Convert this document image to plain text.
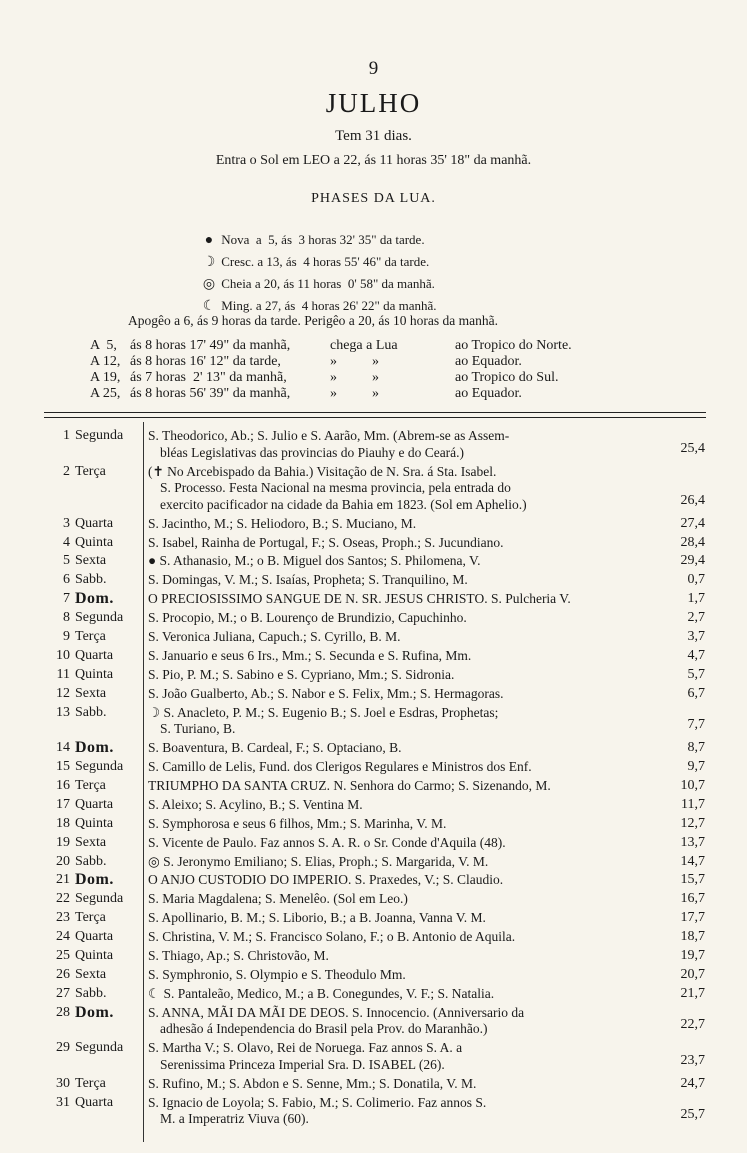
9
JULHO
Tem 31 dias.
Entra o Sol em LEO a 22, ás 11 horas 35' 18" da manhã.
PHASES DA LUA.
● Nova  a  5, ás  3 horas 32' 35" da tarde.
☽ Cresc. a 13, ás  4 horas 55' 46" da tarde.
◎ Cheia a 20, ás 11 horas  0' 58" da manhã.
☾ Ming. a 27, ás  4 horas 26' 22" da manhã.
Apogêo a 6, ás 9 horas da tarde. Perigêo a 20, ás 10 horas da manhã.
A  5, ás 8 horas 17' 49" da manhã,	chega a Lua	ao Tropico do Norte.
A 12, ás 8 horas 16' 12" da tarde,	»          »	ao Equador.
A 19, ás 7 horas  2' 13" da manhã,	»          »	ao Tropico do Sul.
A 25, ás 8 horas 56' 39" da manhã,	»          »	ao Equador.
1 Segunda S. Theodorico, Ab.; S. Julio e S. Aarão, Mm. (Abrem-se as Assem-
bléas Legislativas das provincias do Piauhy e do Ceará.)	25,4
2 Terça	(✝ No Arcebispado da Bahia.) Visitação de N. Sra. á Sta. Isabel.
S. Processo. Festa Nacional na mesma provincia, pela entrada do
exercito pacificador na cidade da Bahia em 1823. (Sol em Aphelio.)	26,4
3 Quarta	S. Jacintho, M.; S. Heliodoro, B.; S. Muciano, M.	27,4
4 Quinta	S. Isabel, Rainha de Portugal, F.; S. Oseas, Proph.; S. Jucundiano.	28,4
5 Sexta	● S. Athanasio, M.; o B. Miguel dos Santos; S. Philomena, V.	29,4
6 Sabb.	S. Domingas, V. M.; S. Isaías, Propheta; S. Tranquilino, M.	0,7
7 Dom.	O PRECIOSISSIMO SANGUE DE N. SR. JESUS CHRISTO. S. Pulcheria V.	1,7
8 Segunda S. Procopio, M.; o B. Lourenço de Brundizio, Capuchinho.	2,7
9 Terça	S. Veronica Juliana, Capuch.; S. Cyrillo, B. M.	3,7
10 Quarta	S. Januario e seus 6 Irs., Mm.; S. Secunda e S. Rufina, Mm.	4,7
11 Quinta	S. Pio, P. M.; S. Sabino e S. Cypriano, Mm.; S. Sidronia.	5,7
12 Sexta	S. João Gualberto, Ab.; S. Nabor e S. Felix, Mm.; S. Hermagoras.	6,7
13 Sabb.	☽ S. Anacleto, P. M.; S. Eugenio B.; S. Joel e Esdras, Prophetas;
S. Turiano, B.	7,7
14 Dom.	S. Boaventura, B. Cardeal, F.; S. Optaciano, B.	8,7
15 Segunda S. Camillo de Lelis, Fund. dos Clerigos Regulares e Ministros dos Enf.	9,7
16 Terça	TRIUMPHO DA SANTA CRUZ. N. Senhora do Carmo; S. Sizenando, M.	10,7
17 Quarta	S. Aleixo; S. Acylino, B.; S. Ventina M.	11,7
18 Quinta	S. Symphorosa e seus 6 filhos, Mm.; S. Marinha, V. M.	12,7
19 Sexta	S. Vicente de Paulo. Faz annos S. A. R. o Sr. Conde d'Aquila (48).	13,7
20 Sabb.	◎ S. Jeronymo Emiliano; S. Elias, Proph.; S. Margarida, V. M.	14,7
21 Dom.	O ANJO CUSTODIO DO IMPERIO. S. Praxedes, V.; S. Claudio.	15,7
22 Segunda S. Maria Magdalena; S. Menelêo. (Sol em Leo.)	16,7
23 Terça	S. Apollinario, B. M.; S. Liborio, B.; a B. Joanna, Vanna V. M.	17,7
24 Quarta	S. Christina, V. M.; S. Francisco Solano, F.; o B. Antonio de Aquila.	18,7
25 Quinta	S. Thiago, Ap.; S. Christovão, M.	19,7
26 Sexta	S. Symphronio, S. Olympio e S. Theodulo Mm.	20,7
27 Sabb.	☾ S. Pantaleão, Medico, M.; a B. Conegundes, V. F.; S. Natalia.	21,7
28 Dom.	S. ANNA, MÃI DA MÃI DE DEOS. S. Innocencio. (Anniversario da
adhesão á Independencia do Brasil pela Prov. do Maranhão.)	22,7
29 Segunda S. Martha V.; S. Olavo, Rei de Noruega. Faz annos S. A. a
Serenissima Princeza Imperial Sra. D. ISABEL (26).	23,7
30 Terça	S. Rufino, M.; S. Abdon e S. Senne, Mm.; S. Donatila, V. M.	24,7
31 Quarta	S. Ignacio de Loyola; S. Fabio, M.; S. Colimerio. Faz annos S.
M. a Imperatriz Viuva (60).	25,7
